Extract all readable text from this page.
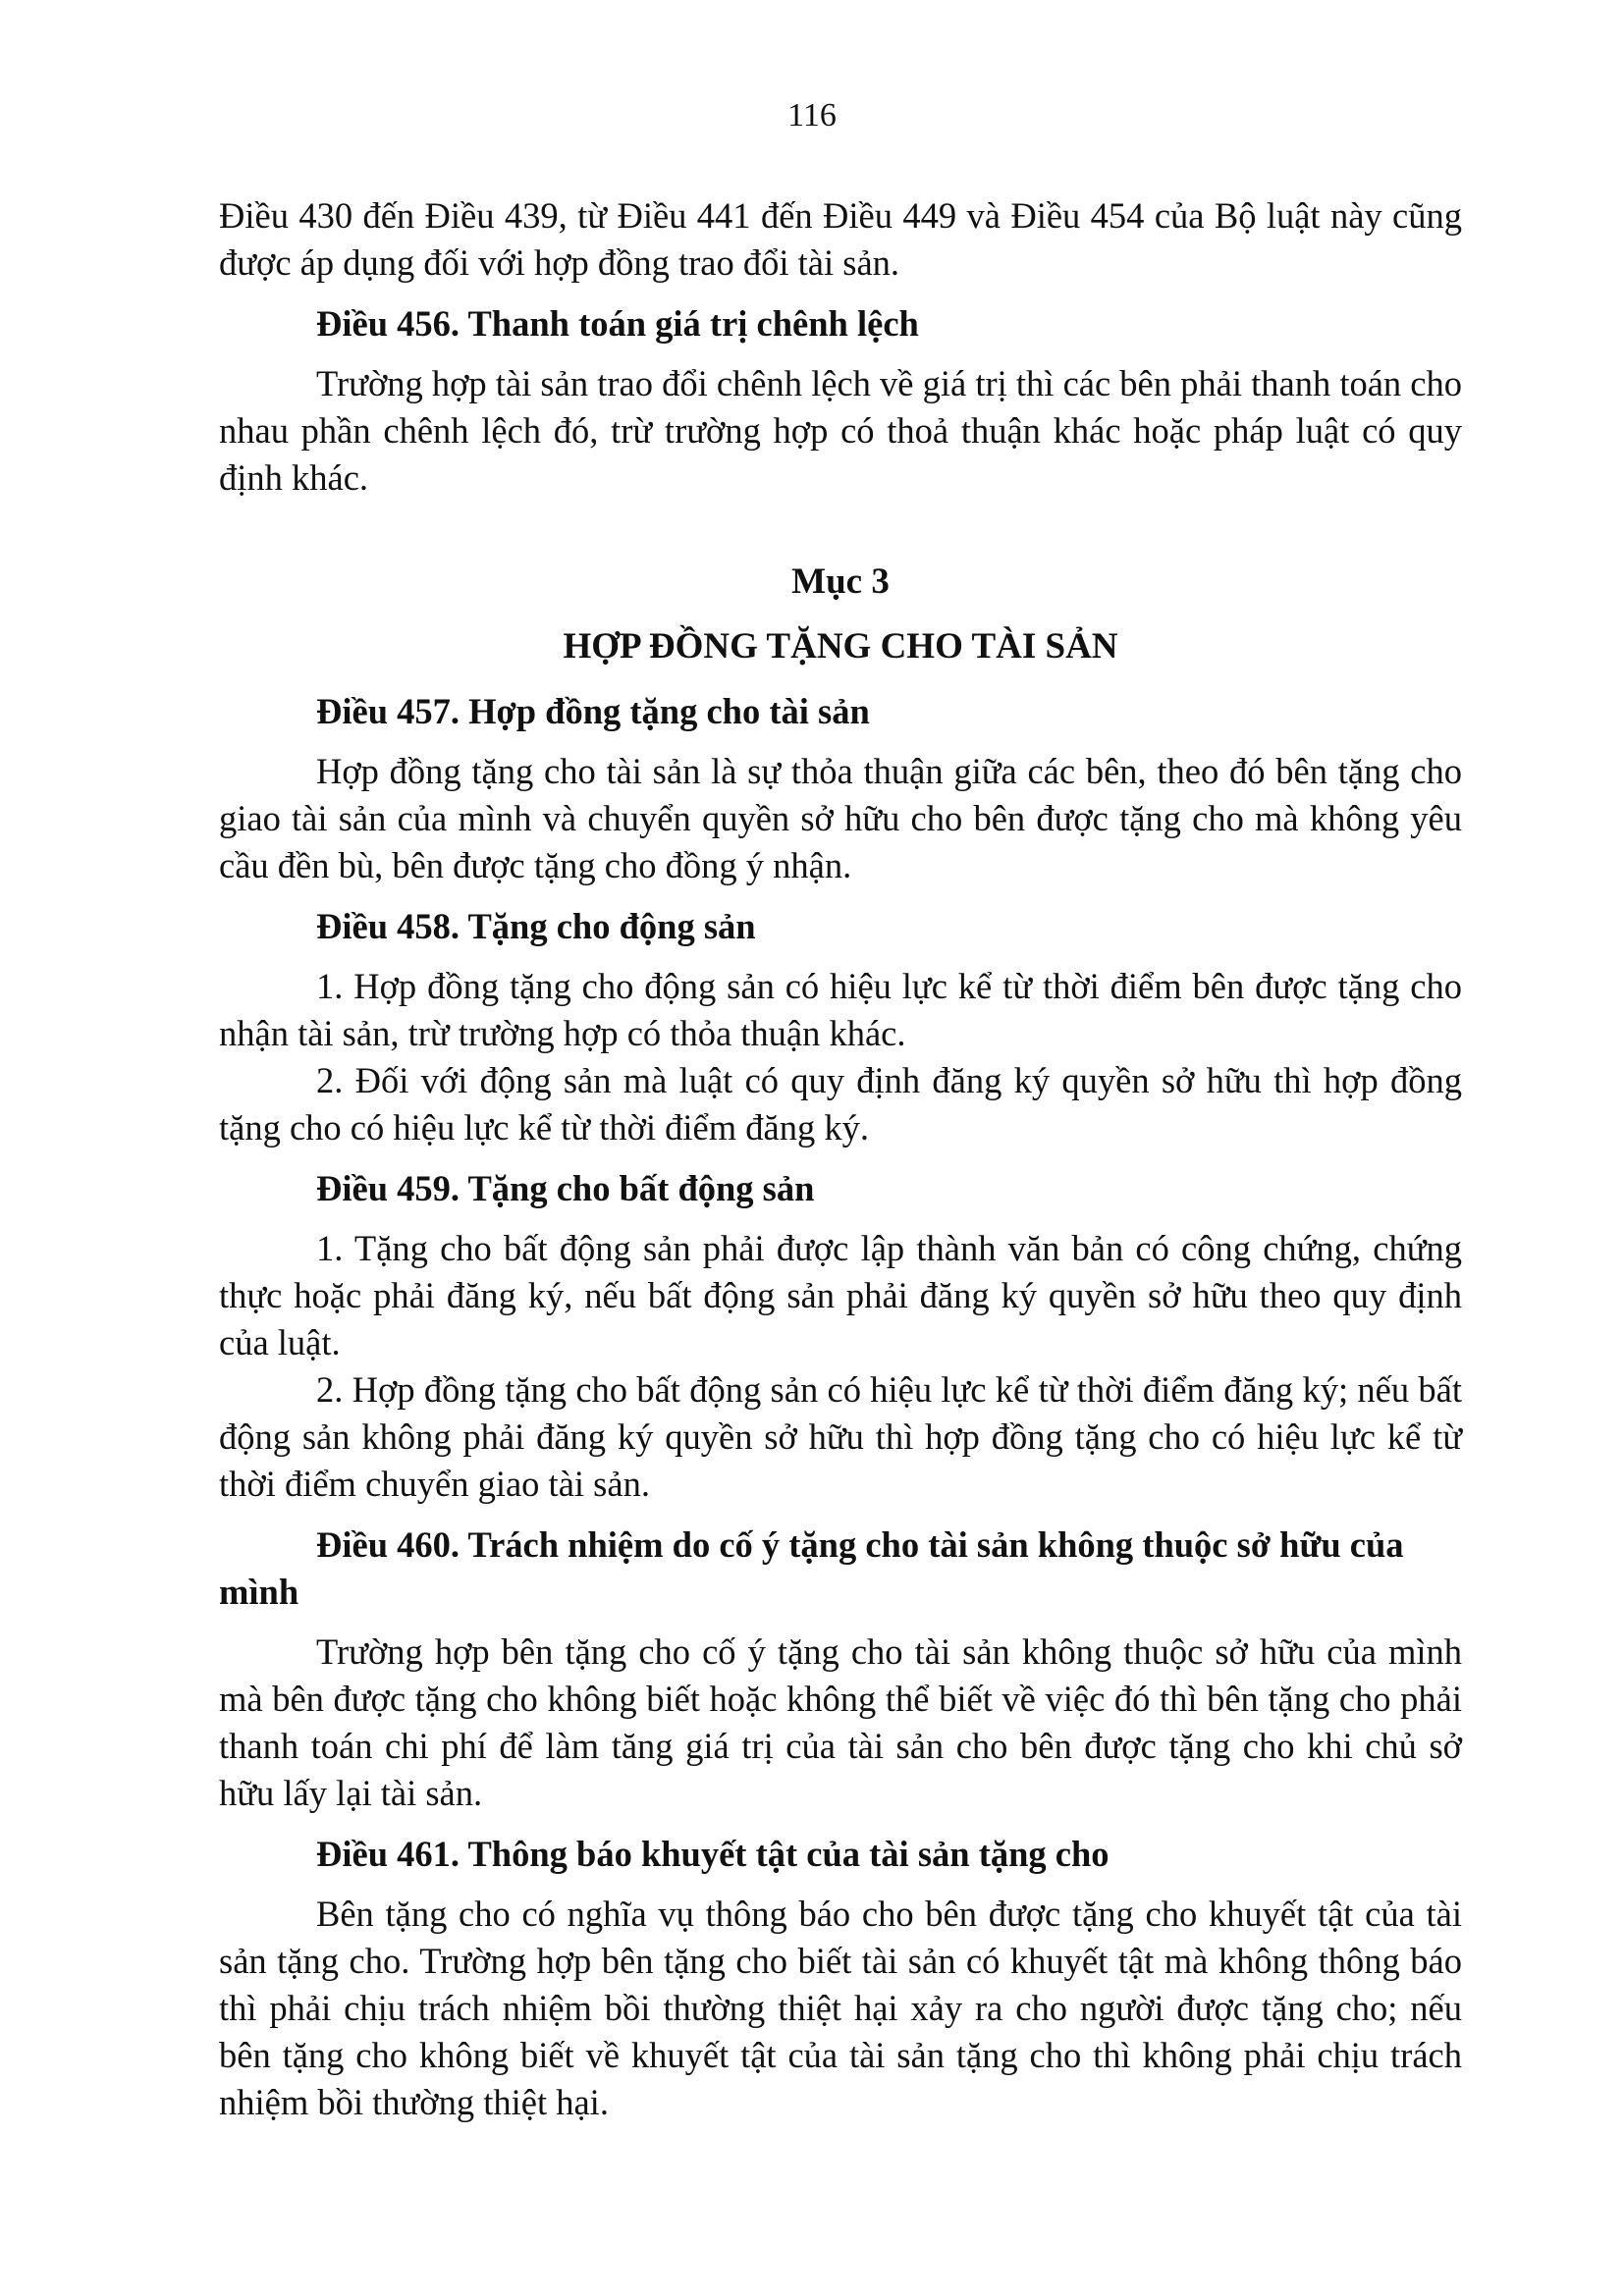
116

Điều 430 đến Điều 439, từ Điều 441 đến Điều 449 và Điều 454 của Bộ luật này cũng được áp dụng đối với hợp đồng trao đổi tài sản.

Điều 456. Thanh toán giá trị chênh lệch

Trường hợp tài sản trao đổi chênh lệch về giá trị thì các bên phải thanh toán cho nhau phần chênh lệch đó, trừ trường hợp có thoả thuận khác hoặc pháp luật có quy định khác.

Mục 3

HỢP ĐỒNG TẶNG CHO TÀI SẢN

Điều 457. Hợp đồng tặng cho tài sản

Hợp đồng tặng cho tài sản là sự thỏa thuận giữa các bên, theo đó bên tặng cho giao tài sản của mình và chuyển quyền sở hữu cho bên được tặng cho mà không yêu cầu đền bù, bên được tặng cho đồng ý nhận.

Điều 458. Tặng cho động sản

1. Hợp đồng tặng cho động sản có hiệu lực kể từ thời điểm bên được tặng cho nhận tài sản, trừ trường hợp có thỏa thuận khác.

2. Đối với động sản mà luật có quy định đăng ký quyền sở hữu thì hợp đồng tặng cho có hiệu lực kể từ thời điểm đăng ký.

Điều 459. Tặng cho bất động sản

1. Tặng cho bất động sản phải được lập thành văn bản có công chứng, chứng thực hoặc phải đăng ký, nếu bất động sản phải đăng ký quyền sở hữu theo quy định của luật.

2. Hợp đồng tặng cho bất động sản có hiệu lực kể từ thời điểm đăng ký; nếu bất động sản không phải đăng ký quyền sở hữu thì hợp đồng tặng cho có hiệu lực kể từ thời điểm chuyển giao tài sản.

Điều 460. Trách nhiệm do cố ý tặng cho tài sản không thuộc sở hữu của mình

Trường hợp bên tặng cho cố ý tặng cho tài sản không thuộc sở hữu của mình mà bên được tặng cho không biết hoặc không thể biết về việc đó thì bên tặng cho phải thanh toán chi phí để làm tăng giá trị của tài sản cho bên được tặng cho khi chủ sở hữu lấy lại tài sản.

Điều 461. Thông báo khuyết tật của tài sản tặng cho

Bên tặng cho có nghĩa vụ thông báo cho bên được tặng cho khuyết tật của tài sản tặng cho. Trường hợp bên tặng cho biết tài sản có khuyết tật mà không thông báo thì phải chịu trách nhiệm bồi thường thiệt hại xảy ra cho người được tặng cho; nếu bên tặng cho không biết về khuyết tật của tài sản tặng cho thì không phải chịu trách nhiệm bồi thường thiệt hại.
